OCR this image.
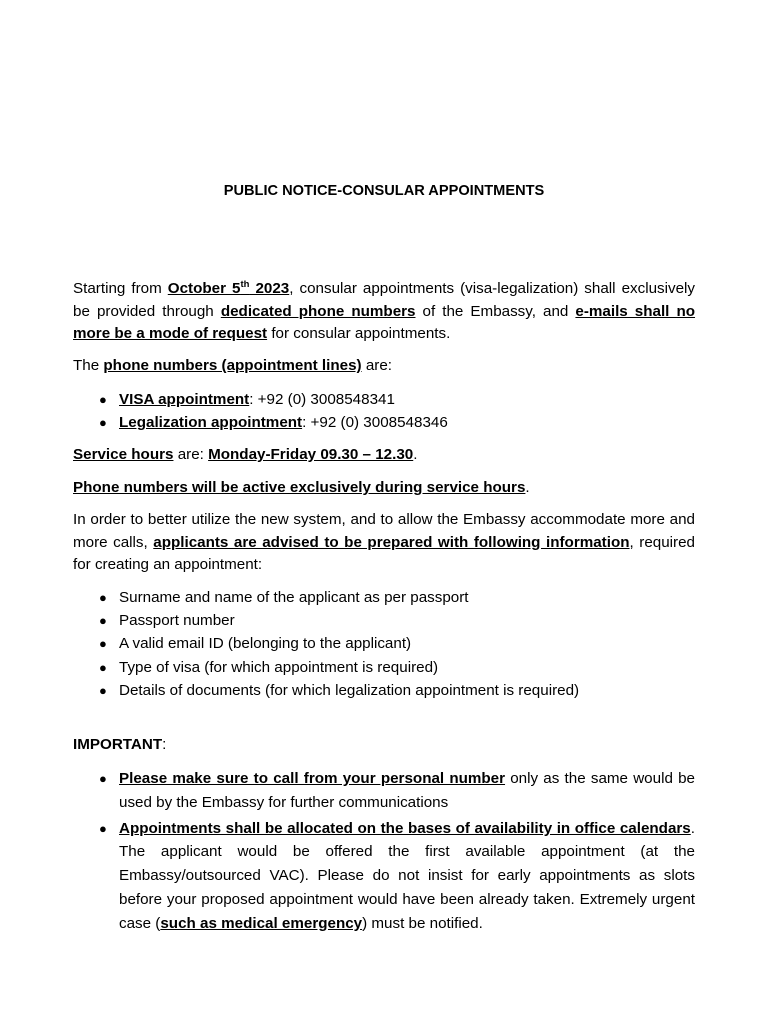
PUBLIC NOTICE-CONSULAR APPOINTMENTS
Starting from October 5th 2023, consular appointments (visa-legalization) shall exclusively be provided through dedicated phone numbers of the Embassy, and e-mails shall no more be a mode of request for consular appointments.
The phone numbers (appointment lines) are:
● VISA appointment: +92 (0) 3008548341
● Legalization appointment: +92 (0) 3008548346
Service hours are: Monday-Friday 09.30 – 12.30.
Phone numbers will be active exclusively during service hours.
In order to better utilize the new system, and to allow the Embassy accommodate more and more calls, applicants are advised to be prepared with following information, required for creating an appointment:
● Surname and name of the applicant as per passport
● Passport number
● A valid email ID (belonging to the applicant)
● Type of visa (for which appointment is required)
● Details of documents (for which legalization appointment is required)
IMPORTANT:
● Please make sure to call from your personal number only as the same would be used by the Embassy for further communications
● Appointments shall be allocated on the bases of availability in office calendars. The applicant would be offered the first available appointment (at the Embassy/outsourced VAC). Please do not insist for early appointments as slots before your proposed appointment would have been already taken. Extremely urgent case (such as medical emergency) must be notified.
